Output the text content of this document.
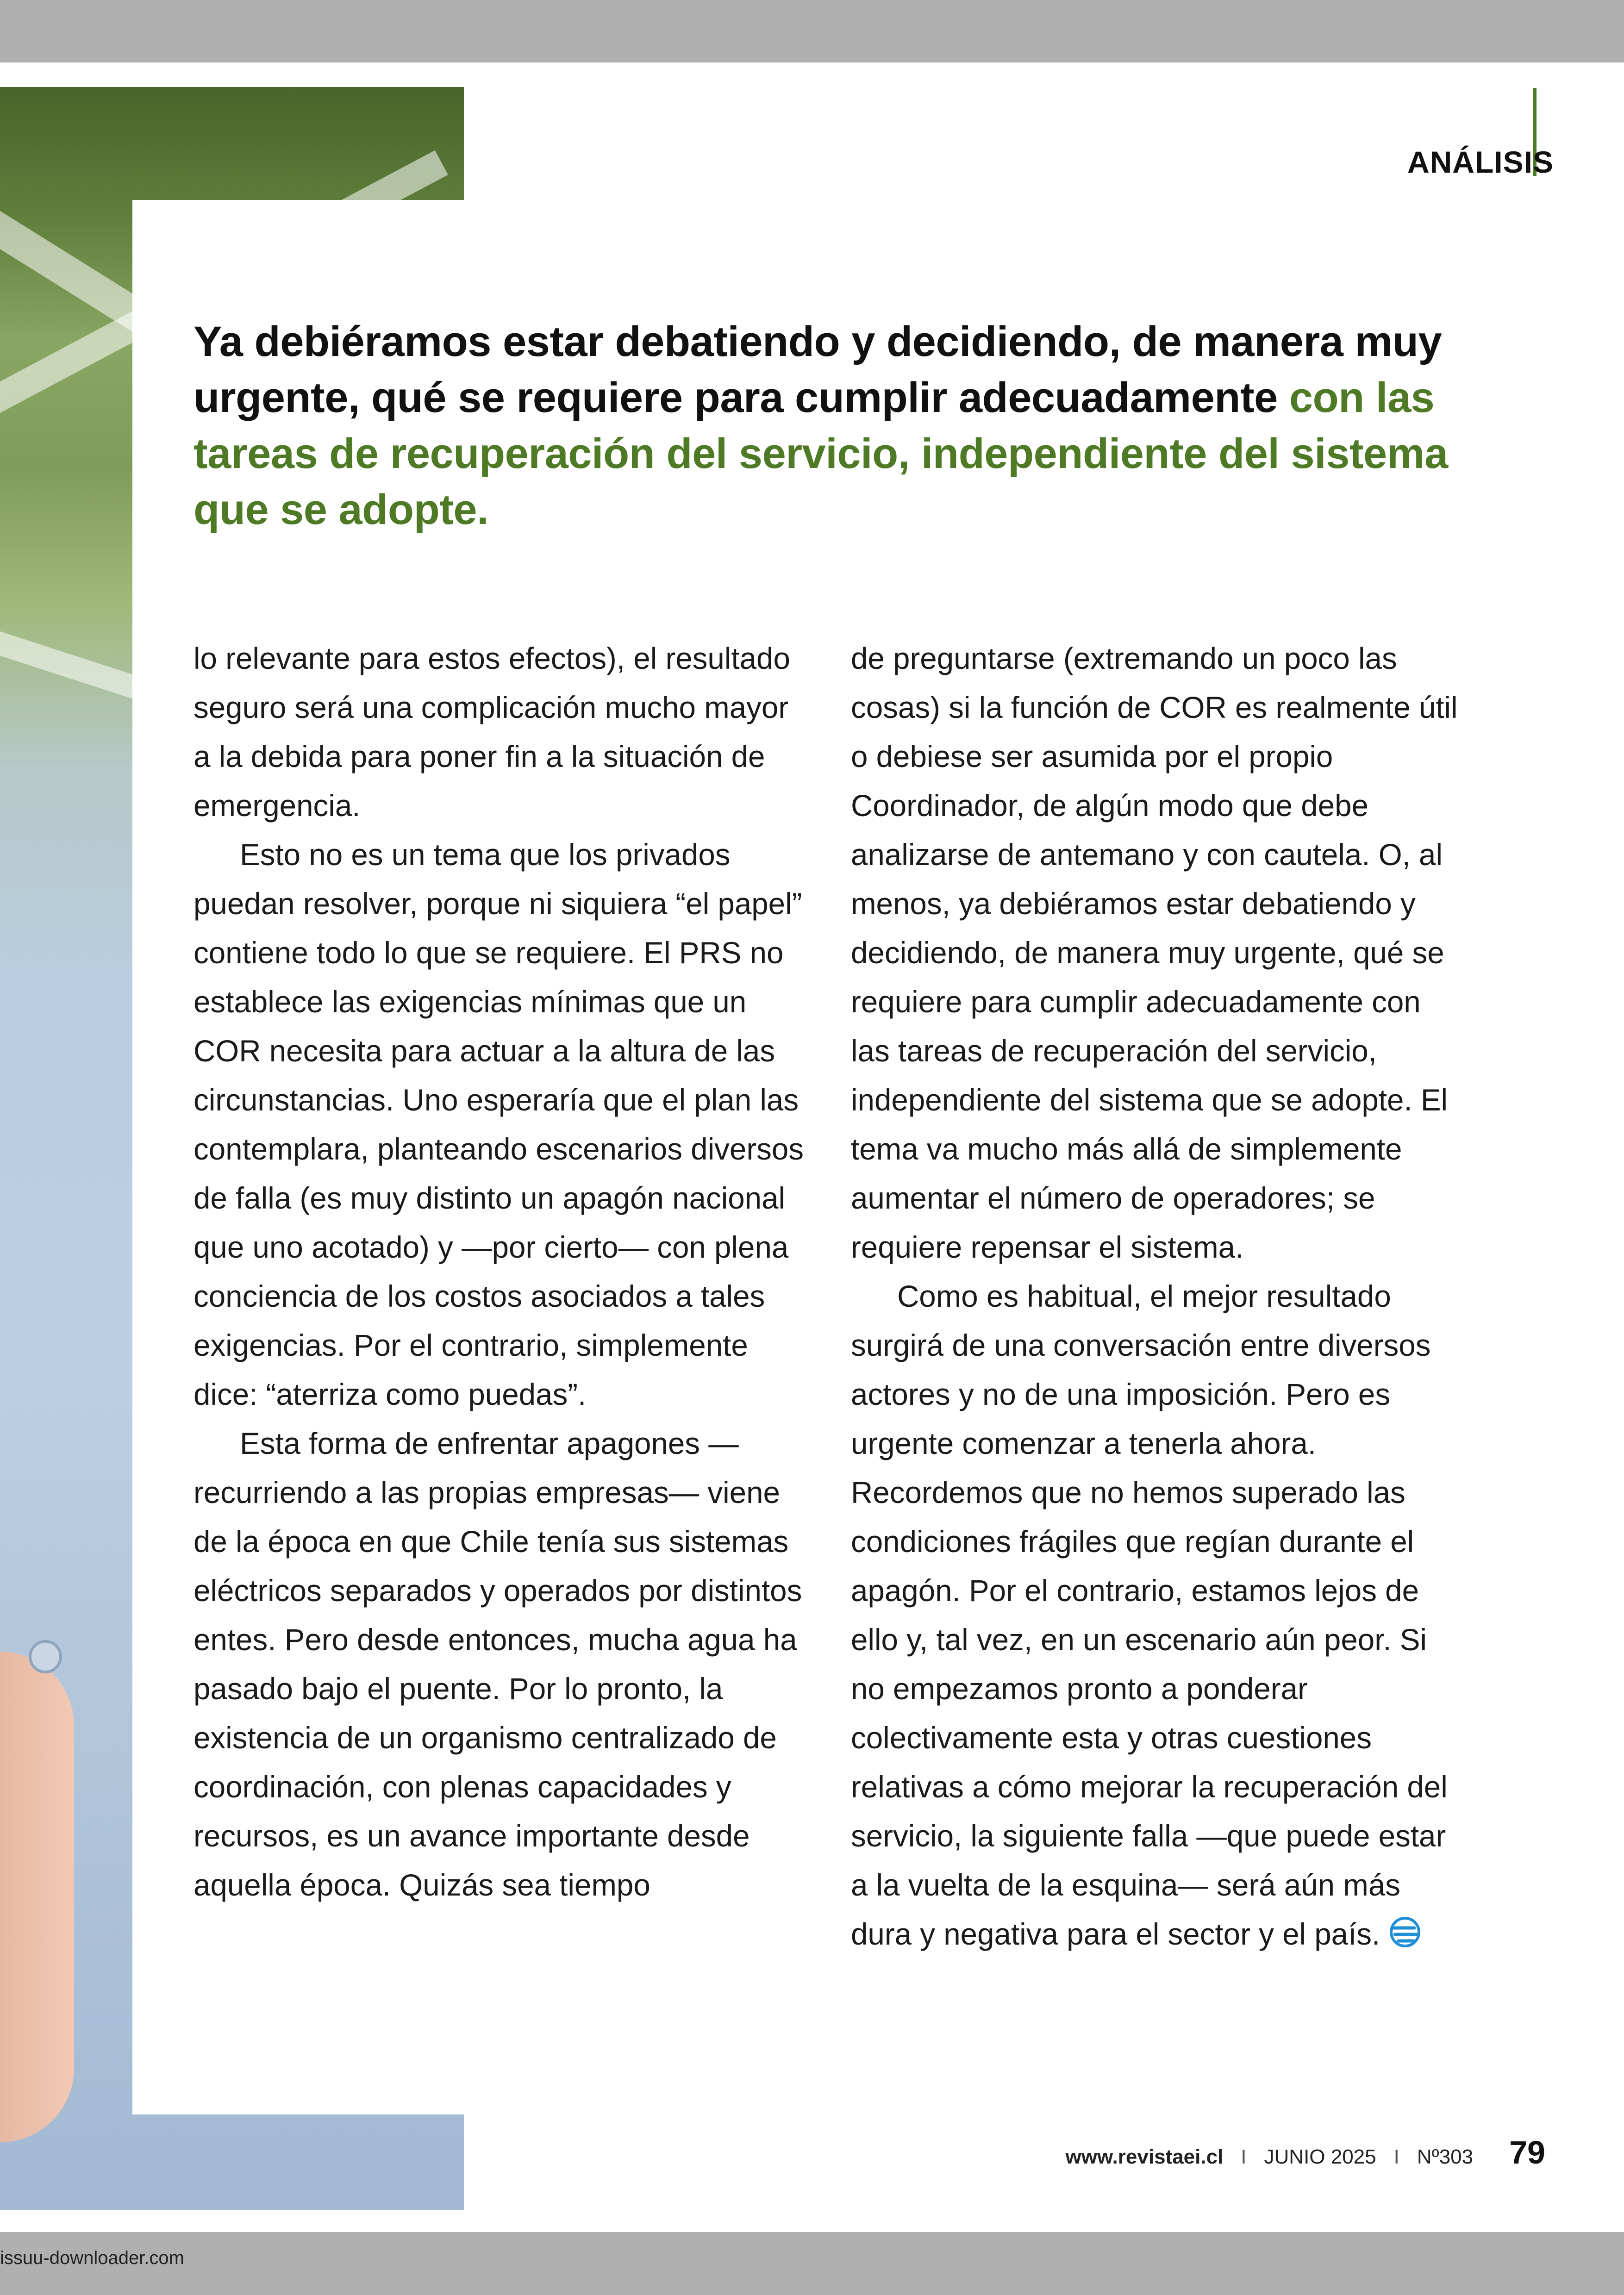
ANÁLISIS
Ya debiéramos estar debatiendo y decidiendo, de manera muy urgente, qué se requiere para cumplir adecuadamente con las tareas de recuperación del servicio, independiente del sistema que se adopte.

lo relevante para estos efectos), el resultado seguro será una complicación mucho mayor a la debida para poner fin a la situación de emergencia.

Esto no es un tema que los privados puedan resolver, porque ni siquiera “el papel” contiene todo lo que se requiere. El PRS no establece las exigencias mínimas que un COR necesita para actuar a la altura de las circunstancias. Uno esperaría que el plan las contemplara, planteando escenarios diversos de falla (es muy distinto un apagón nacional que uno acotado) y —por cierto— con plena conciencia de los costos asociados a tales exigencias. Por el contrario, simplemente dice: “aterriza como puedas”.

Esta forma de enfrentar apagones —recurriendo a las propias empresas— viene de la época en que Chile tenía sus sistemas eléctricos separados y operados por distintos entes. Pero desde entonces, mucha agua ha pasado bajo el puente. Por lo pronto, la existencia de un organismo centralizado de coordinación, con plenas capacidades y recursos, es un avance importante desde aquella época. Quizás sea tiempo

de preguntarse (extremando un poco las cosas) si la función de COR es realmente útil o debiese ser asumida por el propio Coordinador, de algún modo que debe analizarse de antemano y con cautela. O, al menos, ya debiéramos estar debatiendo y decidiendo, de manera muy urgente, qué se requiere para cumplir adecuadamente con las tareas de recuperación del servicio, independiente del sistema que se adopte. El tema va mucho más allá de simplemente aumentar el número de operadores; se requiere repensar el sistema.

Como es habitual, el mejor resultado surgirá de una conversación entre diversos actores y no de una imposición. Pero es urgente comenzar a tenerla ahora. Recordemos que no hemos superado las condiciones frágiles que regían durante el apagón. Por el contrario, estamos lejos de ello y, tal vez, en un escenario aún peor. Si no empezamos pronto a ponderar colectivamente esta y otras cuestiones relativas a cómo mejorar la recuperación del servicio, la siguiente falla —que puede estar a la vuelta de la esquina— será aún más dura y negativa para el sector y el país.

www.revistaei.cl I JUNIO 2025 I Nº303 79
issuu-downloader.com
